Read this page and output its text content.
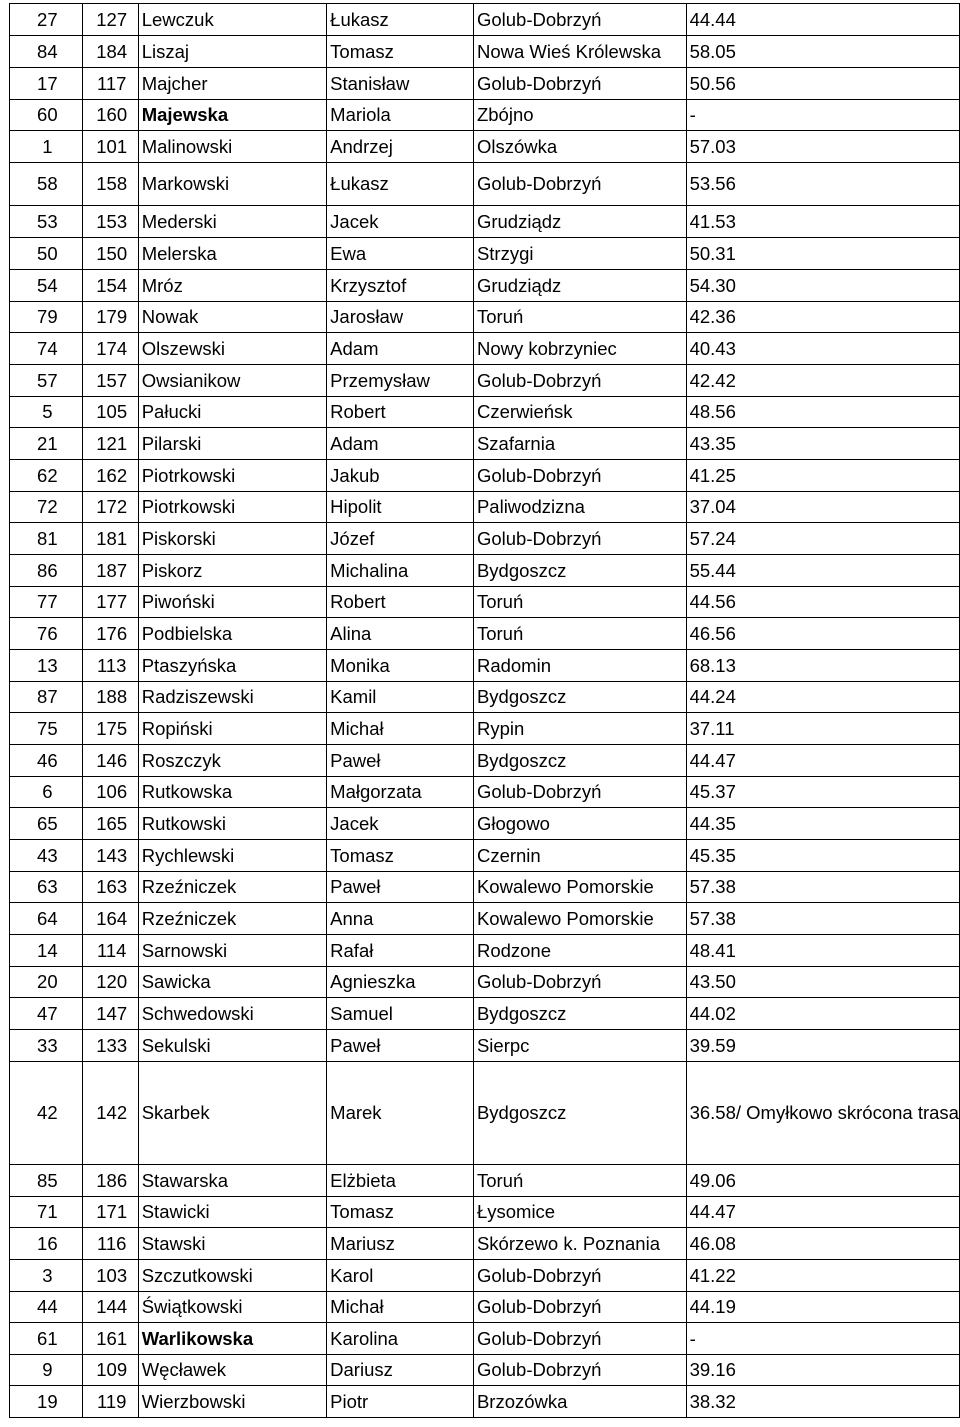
27	127	Lewczuk	Łukasz	Golub-Dobrzyń	44.44
84	184	Liszaj	Tomasz	Nowa Wieś Królewska	58.05
17	117	Majcher	Stanisław	Golub-Dobrzyń	50.56
60	160	Majewska	Mariola	Zbójno	-
1	101	Malinowski	Andrzej	Olszówka	57.03
58	158	Markowski	Łukasz	Golub-Dobrzyń	53.56
53	153	Mederski	Jacek	Grudziądz	41.53
50	150	Melerska	Ewa	Strzygi	50.31
54	154	Mróz	Krzysztof	Grudziądz	54.30
79	179	Nowak	Jarosław	Toruń	42.36
74	174	Olszewski	Adam	Nowy kobrzyniec	40.43
57	157	Owsianikow	Przemysław	Golub-Dobrzyń	42.42
5	105	Pałucki	Robert	Czerwieńsk	48.56
21	121	Pilarski	Adam	Szafarnia	43.35
62	162	Piotrkowski	Jakub	Golub-Dobrzyń	41.25
72	172	Piotrkowski	Hipolit	Paliwodzizna	37.04
81	181	Piskorski	Józef	Golub-Dobrzyń	57.24
86	187	Piskorz	Michalina	Bydgoszcz	55.44
77	177	Piwoński	Robert	Toruń	44.56
76	176	Podbielska	Alina	Toruń	46.56
13	113	Ptaszyńska	Monika	Radomin	68.13
87	188	Radziszewski	Kamil	Bydgoszcz	44.24
75	175	Ropiński	Michał	Rypin	37.11
46	146	Roszczyk	Paweł	Bydgoszcz	44.47
6	106	Rutkowska	Małgorzata	Golub-Dobrzyń	45.37
65	165	Rutkowski	Jacek	Głogowo	44.35
43	143	Rychlewski	Tomasz	Czernin	45.35
63	163	Rzeźniczek	Paweł	Kowalewo Pomorskie	57.38
64	164	Rzeźniczek	Anna	Kowalewo Pomorskie	57.38
14	114	Sarnowski	Rafał	Rodzone	48.41
20	120	Sawicka	Agnieszka	Golub-Dobrzyń	43.50
47	147	Schwedowski	Samuel	Bydgoszcz	44.02
33	133	Sekulski	Paweł	Sierpc	39.59
42	142	Skarbek	Marek	Bydgoszcz	36.58/ Omyłkowo skrócona trasa
85	186	Stawarska	Elżbieta	Toruń	49.06
71	171	Stawicki	Tomasz	Łysomice	44.47
16	116	Stawski	Mariusz	Skórzewo k. Poznania	46.08
3	103	Szczutkowski	Karol	Golub-Dobrzyń	41.22
44	144	Świątkowski	Michał	Golub-Dobrzyń	44.19
61	161	Warlikowska	Karolina	Golub-Dobrzyń	-
9	109	Węcławek	Dariusz	Golub-Dobrzyń	39.16
19	119	Wierzbowski	Piotr	Brzozówka	38.32
